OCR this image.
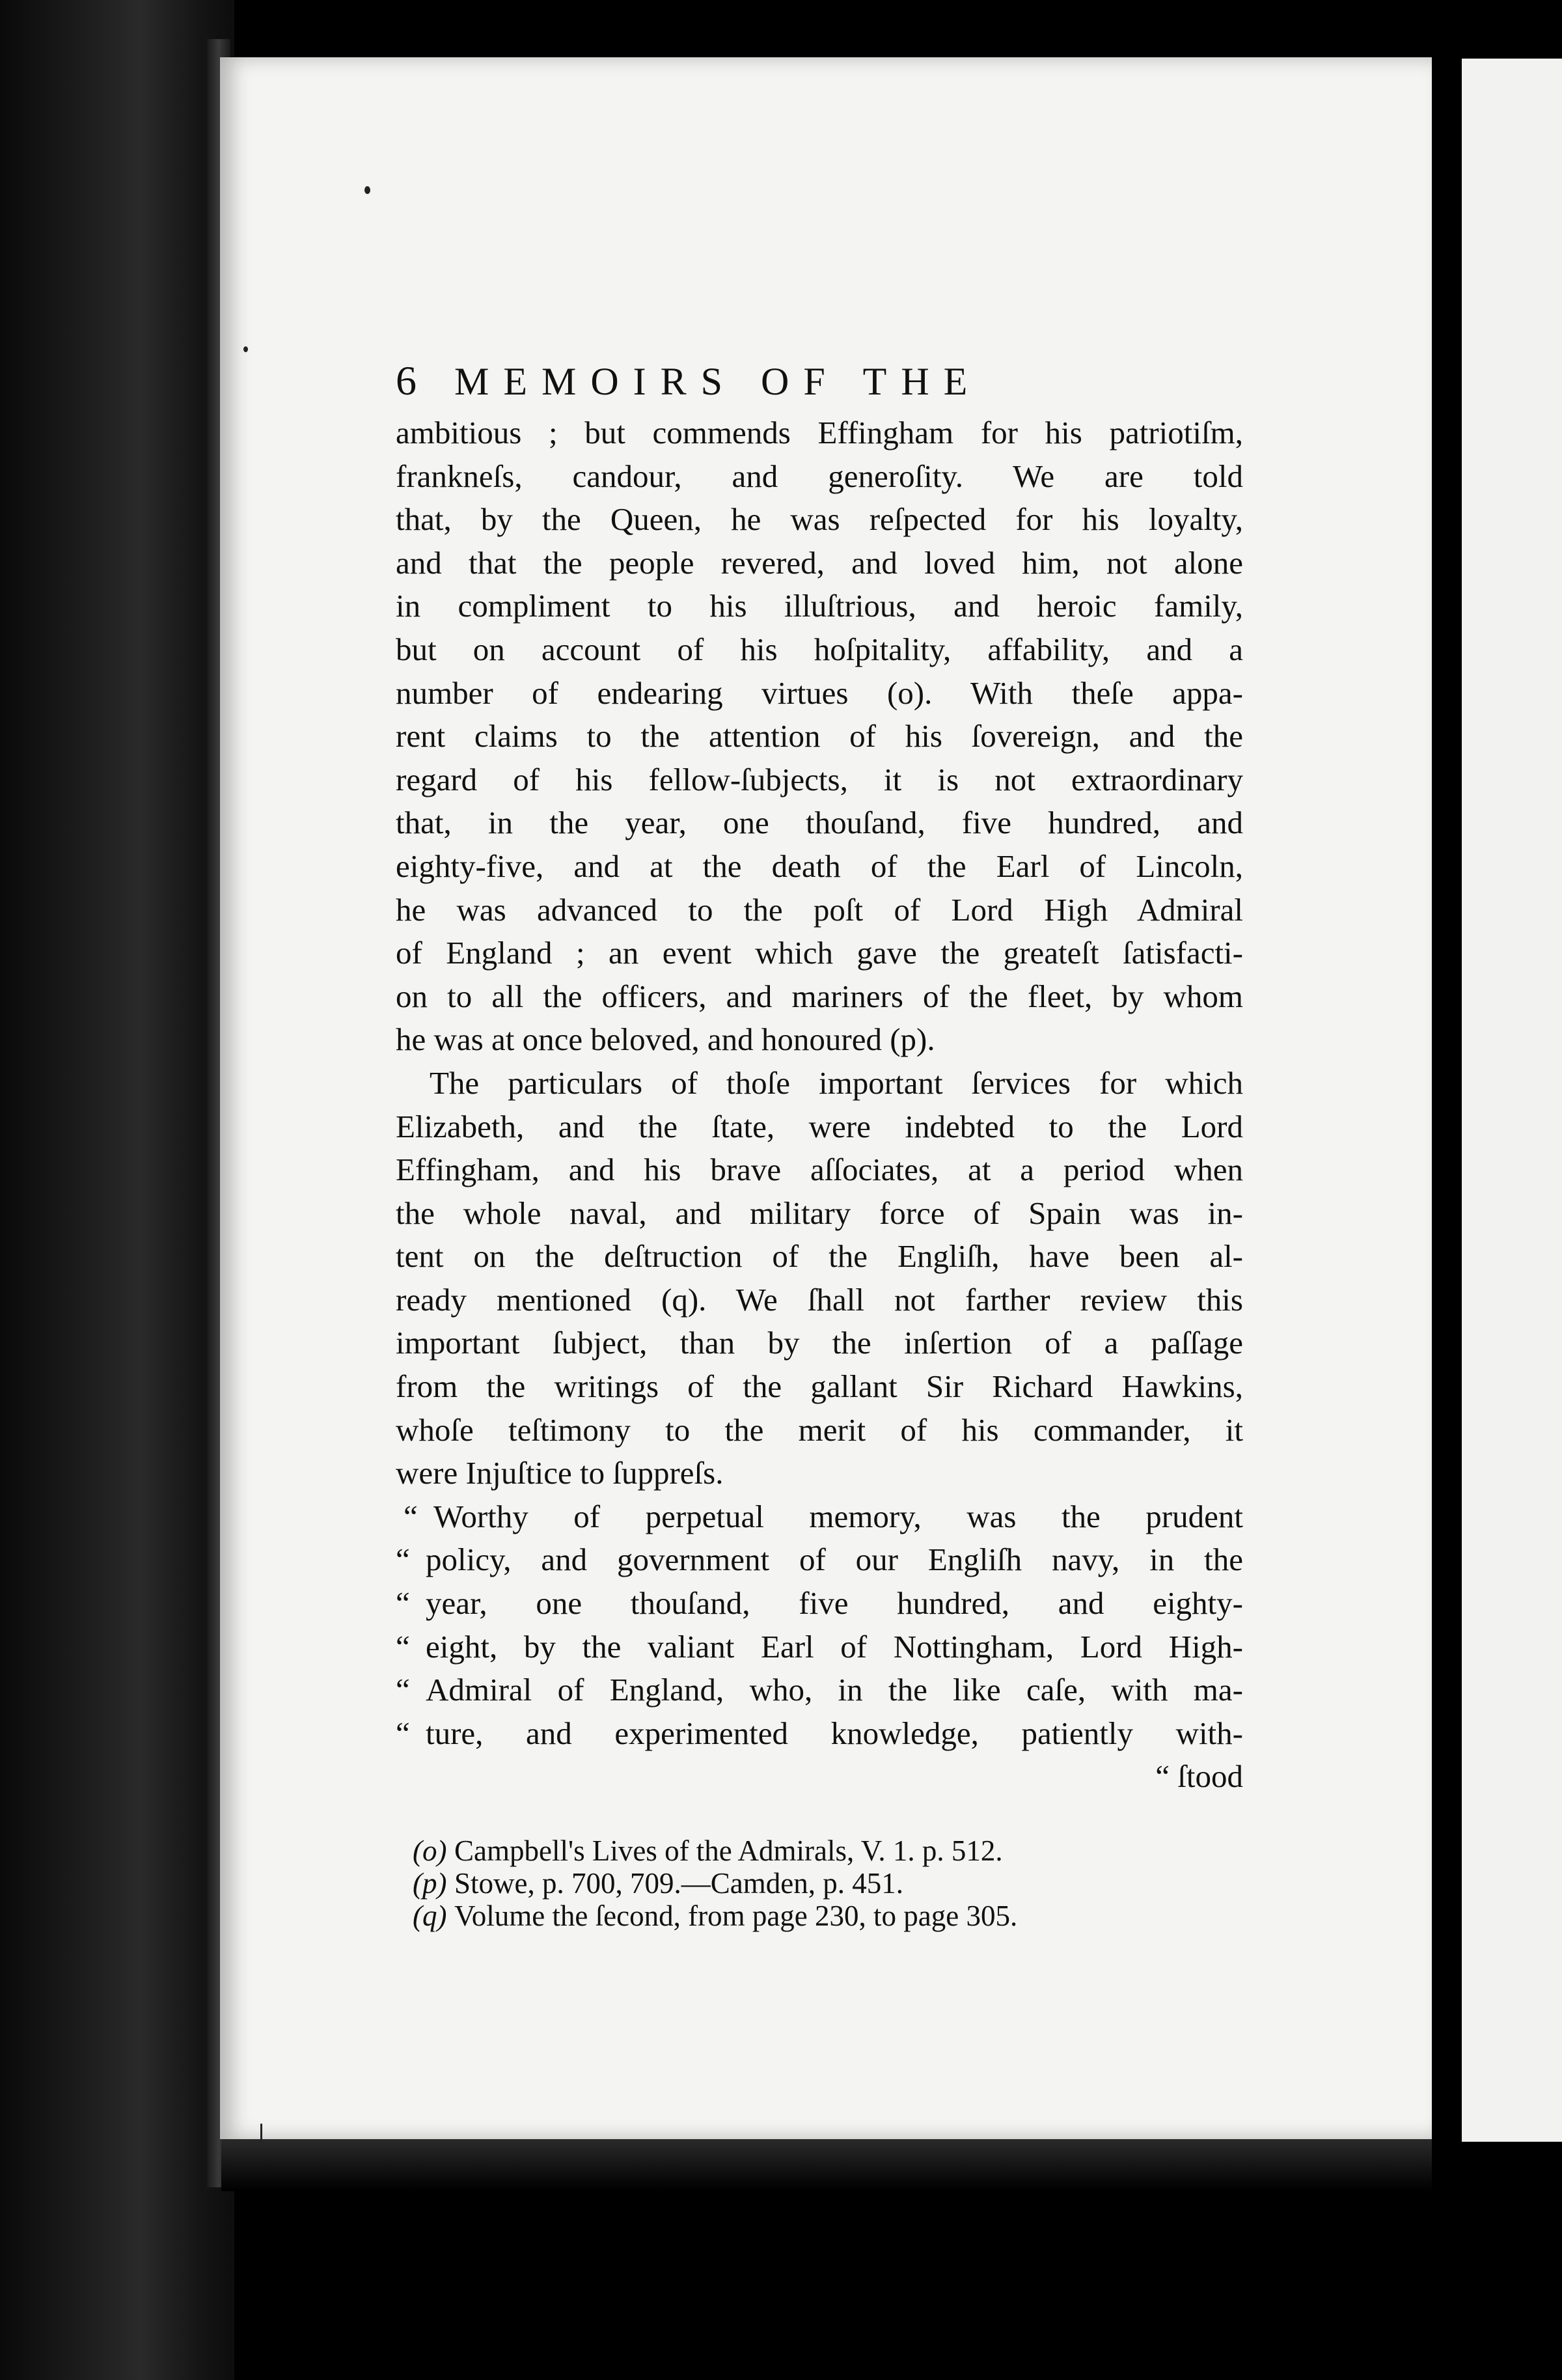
6 MEMOIRS OF THE
ambitious ; but commends Effingham for his patriotiſm,
frankneſs, candour, and generoſity. We are told
that, by the Queen, he was reſpected for his loyalty,
and that the people revered, and loved him, not alone
in compliment to his illuſtrious, and heroic family,
but on account of his hoſpitality, affability, and a
number of endearing virtues (o). With theſe appa-
rent claims to the attention of his ſovereign, and the
regard of his fellow-ſubjects, it is not extraordinary
that, in the year, one thouſand, five hundred, and
eighty-five, and at the death of the Earl of Lincoln,
he was advanced to the poſt of Lord High Admiral
of England ; an event which gave the greateſt ſatisfacti-
on to all the officers, and mariners of the fleet, by whom
he was at once beloved, and honoured (p).
The particulars of thoſe important ſervices for which
Elizabeth, and the ſtate, were indebted to the Lord
Effingham, and his brave aſſociates, at a period when
the whole naval, and military force of Spain was in-
tent on the deſtruction of the Engliſh, have been al-
ready mentioned (q). We ſhall not farther review this
important ſubject, than by the inſertion of a paſſage
from the writings of the gallant Sir Richard Hawkins,
whoſe teſtimony to the merit of his commander, it
were Injuſtice to ſuppreſs.
“ Worthy of perpetual memory, was the prudent
“ policy, and government of our Engliſh navy, in the
“ year, one thouſand, five hundred, and eighty-
“ eight, by the valiant Earl of Nottingham, Lord High-
“ Admiral of England, who, in the like caſe, with ma-
“ ture, and experimented knowledge, patiently with-
“ ſtood
(o) Campbell's Lives of the Admirals, V. 1. p. 512.
(p) Stowe, p. 700, 709.—Camden, p. 451.
(q) Volume the ſecond, from page 230, to page 305.
